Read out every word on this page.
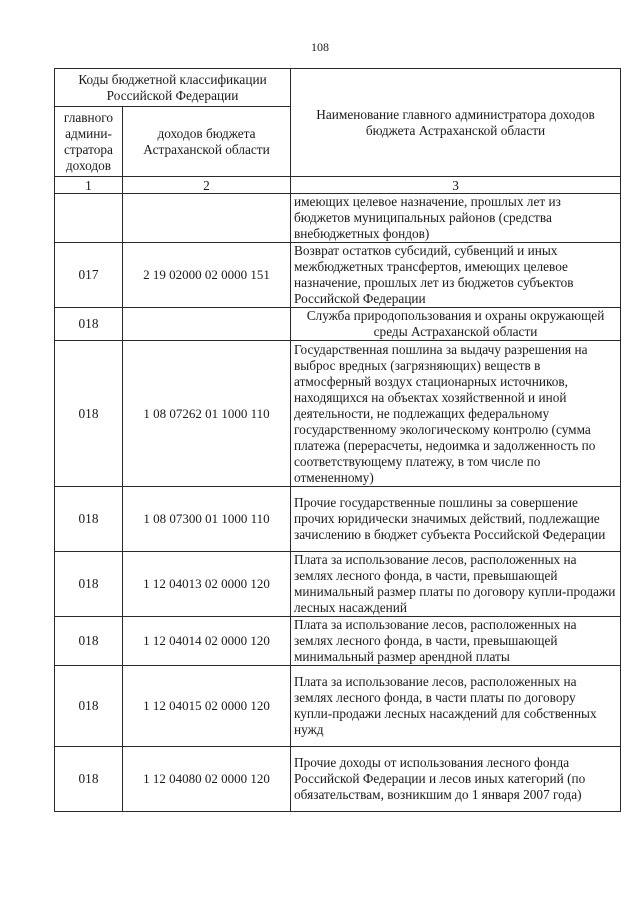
108
Коды бюджетной классификации Российской Федерации		Наименование главного администратора доходов бюджета Астраханской области
главного админи-стратора доходов	доходов бюджета Астраханской области	
1	2	3
		имеющих целевое назначение, прошлых лет из бюджетов муниципальных районов (средства внебюджетных фондов)
017	2 19 02000 02 0000 151	Возврат остатков субсидий, субвенций и иных межбюджетных трансфертов, имеющих целевое назначение, прошлых лет из бюджетов субъектов Российской Федерации
018		Служба природопользования и охраны окружающей среды Астраханской области
018	1 08 07262 01 1000 110	Государственная пошлина за выдачу разрешения на выброс вредных (загрязняющих) веществ в атмосферный воздух стационарных источников, находящихся на объектах хозяйственной и иной деятельности, не подлежащих федеральному государственному экологическому контролю (сумма платежа (перерасчеты, недоимка и задолженность по соответствующему платежу, в том числе по отмененному)
018	1 08 07300 01 1000 110	Прочие государственные пошлины за совершение прочих юридически значимых действий, подлежащие зачислению в бюджет субъекта Российской Федерации
018	1 12 04013 02 0000 120	Плата за использование лесов, расположенных на землях лесного фонда, в части, превышающей минимальный размер платы по договору купли-продажи лесных насаждений
018	1 12 04014 02 0000 120	Плата за использование лесов, расположенных на землях лесного фонда, в части, превышающей минимальный размер арендной платы
018	1 12 04015 02 0000 120	Плата за использование лесов, расположенных на землях лесного фонда, в части платы по договору купли-продажи лесных насаждений для собственных нужд
018	1 12 04080 02 0000 120	Прочие доходы от использования лесного фонда Российской Федерации и лесов иных категорий (по обязательствам, возникшим до 1 января 2007 года)
